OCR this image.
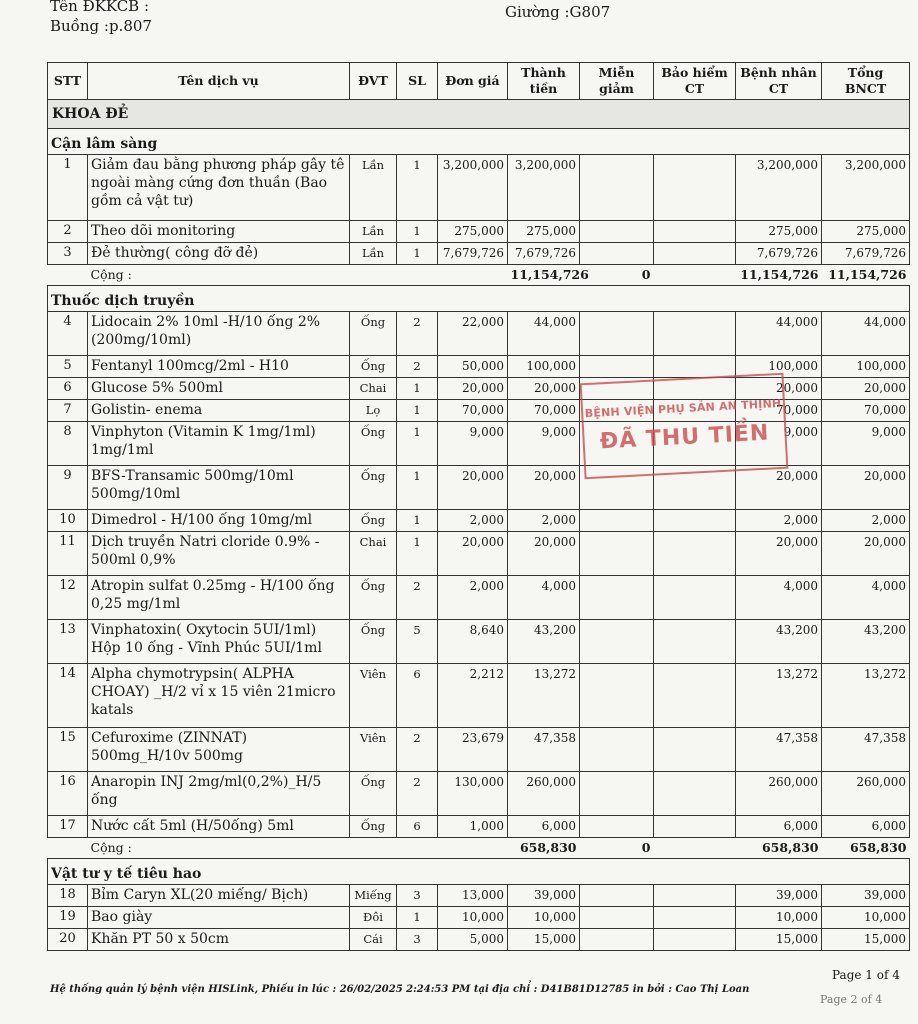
Tên ĐKKCB :
Buồng :p.807
Giường :G807
STT	Tên dịch vụ	ĐVT	SL	Đơn giá	Thành tiền	Miễn giảm	Bảo hiểm CT	Bệnh nhân CT	Tổng BNCT
KHOA ĐẺ									
Cận lâm sàng									
1	Giảm đau bằng phương pháp gây tê ngoài màng cứng đơn thuần (Bao gồm cả vật tư)	Lần	1	3,200,000	3,200,000			3,200,000	3,200,000
2	Theo dõi monitoring	Lần	1	275,000	275,000			275,000	275,000
3	Đẻ thường( công đỡ đẻ)	Lần	1	7,679,726	7,679,726			7,679,726	7,679,726
	Cộng :				11,154,726	0		11,154,726	11,154,726
Thuốc dịch truyền									
4	Lidocain 2% 10ml -H/10 ống 2% (200mg/10ml)	Ống	2	22,000	44,000			44,000	44,000
5	Fentanyl 100mcg/2ml - H10	Ống	2	50,000	100,000			100,000	100,000
6	Glucose 5% 500ml	Chai	1	20,000	20,000			20,000	20,000
7	Golistin- enema	Lọ	1	70,000	70,000			70,000	70,000
8	Vinphyton (Vitamin K 1mg/1ml) 1mg/1ml	Ống	1	9,000	9,000			9,000	9,000
9	BFS-Transamic 500mg/10ml 500mg/10ml	Ống	1	20,000	20,000			20,000	20,000
10	Dimedrol - H/100 ống 10mg/ml	Ống	1	2,000	2,000			2,000	2,000
11	Dịch truyền Natri cloride 0.9% - 500ml 0,9%	Chai	1	20,000	20,000			20,000	20,000
12	Atropin sulfat 0.25mg - H/100 ống 0,25 mg/1ml	Ống	2	2,000	4,000			4,000	4,000
13	Vinphatoxin( Oxytocin 5UI/1ml) Hộp 10 ống - Vĩnh Phúc 5UI/1ml	Ống	5	8,640	43,200			43,200	43,200
14	Alpha chymotrypsin( ALPHA CHOAY) _H/2 vỉ x 15 viên 21micro katals	Viên	6	2,212	13,272			13,272	13,272
15	Cefuroxime (ZINNAT) 500mg_H/10v 500mg	Viên	2	23,679	47,358			47,358	47,358
16	Anaropin INJ 2mg/ml(0,2%)_H/5 ống	Ống	2	130,000	260,000			260,000	260,000
17	Nước cất 5ml (H/50ống) 5ml	Ống	6	1,000	6,000			6,000	6,000
	Cộng :				658,830	0		658,830	658,830
Vật tư y tế tiêu hao									
18	Bỉm Caryn XL(20 miếng/ Bịch)	Miếng	3	13,000	39,000			39,000	39,000
19	Bao giày	Đôi	1	10,000	10,000			10,000	10,000
20	Khăn PT 50 x 50cm	Cái	3	5,000	15,000			15,000	15,000
BỆNH VIỆN PHỤ SẢN AN THỊNH
ĐÃ THU TIỀN
Hệ thống quản lý bệnh viện HISLink, Phiếu in lúc : 26/02/2025 2:24:53 PM tại địa chỉ : D41B81D12785 in bởi : Cao Thị Loan
Page 1 of 4
Page 2 of 4
